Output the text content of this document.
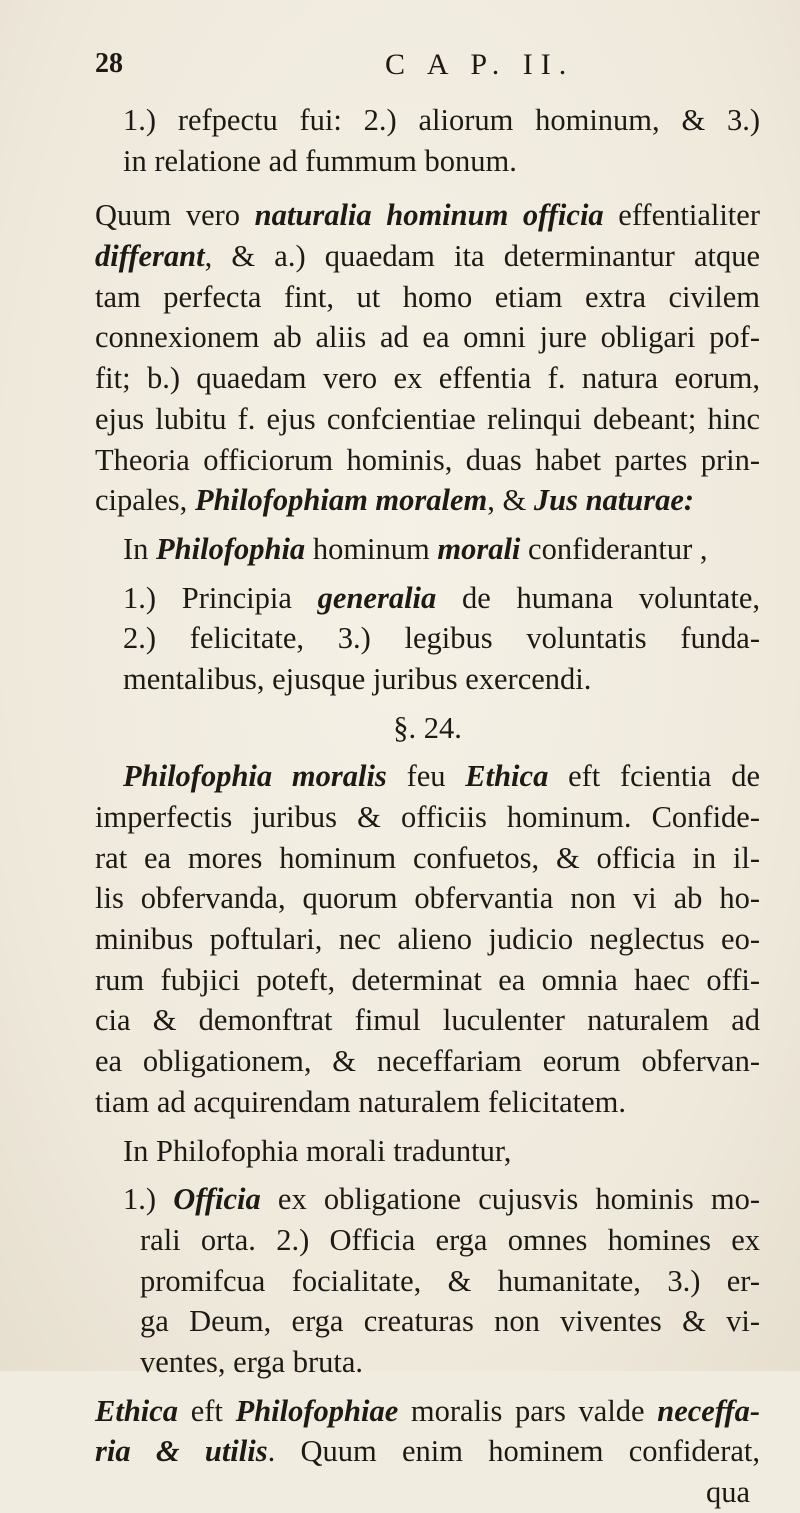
28	C A P. II.
1.) refpectu fui: 2.) aliorum hominum, & 3.)
in relatione ad fummum bonum.
Quum vero naturalia hominum officia effentialiter
differant, & a.) quaedam ita determinantur atque
tam perfecta fint, ut homo etiam extra civilem
connexionem ab aliis ad ea omni jure obligari pof-
fit; b.) quaedam vero ex effentia f. natura eorum,
ejus lubitu f. ejus confcientiae relinqui debeant; hinc
Theoria officiorum hominis, duas habet partes prin-
cipales, Philofophiam moralem, & Jus naturae:
In Philofophia hominum morali confiderantur ,
1.) Principia generalia de humana voluntate,
2.) felicitate, 3.) legibus voluntatis funda-
mentalibus, ejusque juribus exercendi.
§. 24.
Philofophia moralis feu Ethica eft fcientia de
imperfectis juribus & officiis hominum. Confide-
rat ea mores hominum confuetos, & officia in il-
lis obfervanda, quorum obfervantia non vi ab ho-
minibus poftulari, nec alieno judicio neglectus eo-
rum fubjici poteft, determinat ea omnia haec offi-
cia & demonftrat fimul luculenter naturalem ad
ea obligationem, & neceffariam eorum obfervan-
tiam ad acquirendam naturalem felicitatem.
In Philofophia morali traduntur,
1.) Officia ex obligatione cujusvis hominis mo-
rali orta. 2.) Officia erga omnes homines ex
promifcua focialitate, & humanitate, 3.) er-
ga Deum, erga creaturas non viventes & vi-
ventes, erga bruta.
Ethica eft Philofophiae moralis pars valde neceffa-
ria & utilis. Quum enim hominem confiderat,
qua
